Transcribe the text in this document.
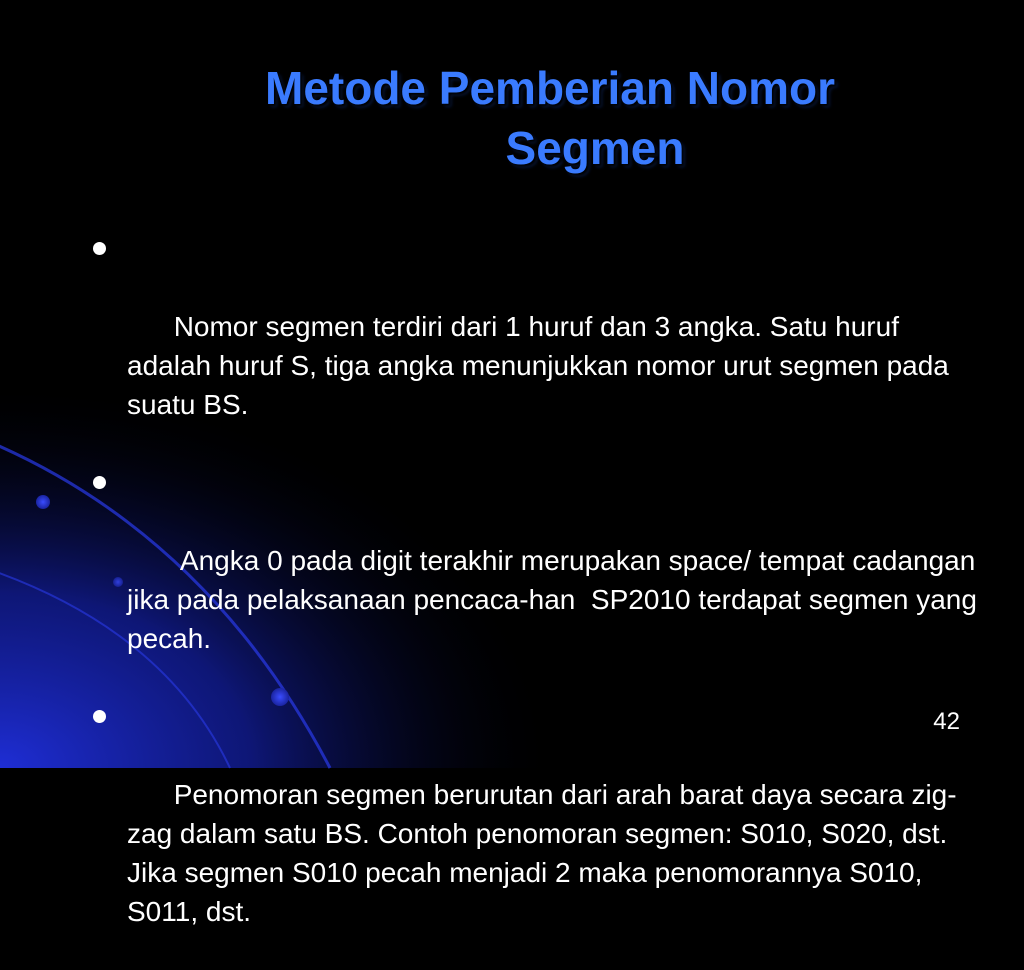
Metode Pemberian Nomor
Segmen

Nomor segmen terdiri dari 1 huruf dan 3 angka. Satu huruf adalah huruf S, tiga angka menunjukkan nomor urut segmen pada suatu BS.

Angka 0 pada digit terakhir merupakan space/ tempat cadangan jika pada pelaksanaan pencaca-han  SP2010 terdapat segmen yang pecah.

Penomoran segmen berurutan dari arah barat daya secara zig-zag dalam satu BS. Contoh penomoran segmen: S010, S020, dst. Jika segmen S010 pecah menjadi 2 maka penomorannya S010, S011, dst.

42
